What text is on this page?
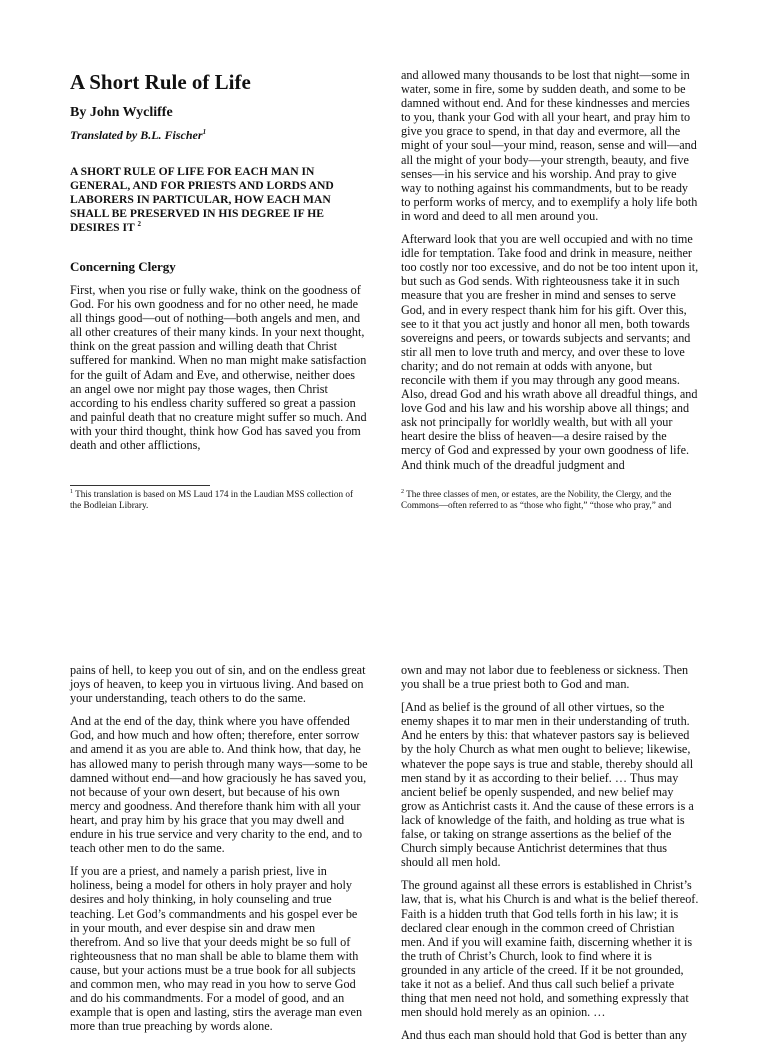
A Short Rule of Life
By John Wycliffe
Translated by B.L. Fischer$^1$
A SHORT RULE OF LIFE FOR EACH MAN IN GENERAL, AND FOR PRIESTS AND LORDS AND LABORERS IN PARTICULAR, HOW EACH MAN SHALL BE PRESERVED IN HIS DEGREE IF HE DESIRES IT $^2$
Concerning Clergy

First, when you rise or fully wake, think on the goodness of God. For his own goodness and for no other need, he made all things good—out of nothing—both angels and men, and all other creatures of their many kinds. In your next thought, think on the great passion and willing death that Christ suffered for mankind. When no man might make satisfaction for the guilt of Adam and Eve, and otherwise, neither does an angel owe nor might pay those wages, then Christ according to his endless charity suffered so great a passion and painful death that no creature might suffer so much. And with your third thought, think how God has saved you from death and other afflictions,

and allowed many thousands to be lost that night—some in water, some in fire, some by sudden death, and some to be damned without end. And for these kindnesses and mercies to you, thank your God with all your heart, and pray him to give you grace to spend, in that day and evermore, all the might of your soul—your mind, reason, sense and will—and all the might of your body—your strength, beauty, and five senses—in his service and his worship. And pray to give way to nothing against his commandments, but to be ready to perform works of mercy, and to exemplify a holy life both in word and deed to all men around you.

Afterward look that you are well occupied and with no time idle for temptation. Take food and drink in measure, neither too costly nor too excessive, and do not be too intent upon it, but such as God sends. With righteousness take it in such measure that you are fresher in mind and senses to serve God, and in every respect thank him for his gift. Over this, see to it that you act justly and honor all men, both towards sovereigns and peers, or towards subjects and servants; and stir all men to love truth and mercy, and over these to love charity; and do not remain at odds with anyone, but reconcile with them if you may through any good means. Also, dread God and his wrath above all dreadful things, and love God and his law and his worship above all things; and ask not principally for worldly wealth, but with all your heart desire the bliss of heaven—a desire raised by the mercy of God and expressed by your own goodness of life. And think much of the dreadful judgment and

$^1$ This translation is based on MS Laud 174 in the Laudian MSS collection of the Bodleian Library.
$^2$ The three classes of men, or estates, are the Nobility, the Clergy, and the Commons—often referred to as “those who fight,” “those who pray,” and

pains of hell, to keep you out of sin, and on the endless great joys of heaven, to keep you in virtuous living. And based on your understanding, teach others to do the same.

And at the end of the day, think where you have offended God, and how much and how often; therefore, enter sorrow and amend it as you are able to. And think how, that day, he has allowed many to perish through many ways—some to be damned without end—and how graciously he has saved you, not because of your own desert, but because of his own mercy and goodness. And therefore thank him with all your heart, and pray him by his grace that you may dwell and endure in his true service and very charity to the end, and to teach other men to do the same.

If you are a priest, and namely a parish priest, live in holiness, being a model for others in holy prayer and holy desires and holy thinking, in holy counseling and true teaching. Let God’s commandments and his gospel ever be in your mouth, and ever despise sin and draw men therefrom. And so live that your deeds might be so full of righteousness that no man shall be able to blame them with cause, but your actions must be a true book for all subjects and common men, who may read in you how to serve God and do his commandments. For a model of good, and an example that is open and lasting, stirs the average man even more than true preaching by words alone.

own and may not labor due to feebleness or sickness. Then you shall be a true priest both to God and man.

[And as belief is the ground of all other virtues, so the enemy shapes it to mar men in their understanding of truth. And he enters by this: that whatever pastors say is believed by the holy Church as what men ought to believe; likewise, whatever the pope says is true and stable, thereby should all men stand by it as according to their belief. … Thus may ancient belief be openly suspended, and new belief may grow as Antichrist casts it. And the cause of these errors is a lack of knowledge of the faith, and holding as true what is false, or taking on strange assertions as the belief of the Church simply because Antichrist determines that thus should all men hold.

The ground against all these errors is established in Christ’s law, that is, what his Church is and what is the belief thereof. Faith is a hidden truth that God tells forth in his law; it is declared clear enough in the common creed of Christian men. And if you will examine faith, discerning whether it is the truth of Christ’s Church, look to find where it is grounded in any article of the creed. If it be not grounded, take it not as a belief. And thus call such belief a private thing that men need not hold, and something expressly that men should hold merely as an opinion. …

And thus each man should hold that God is better than any
